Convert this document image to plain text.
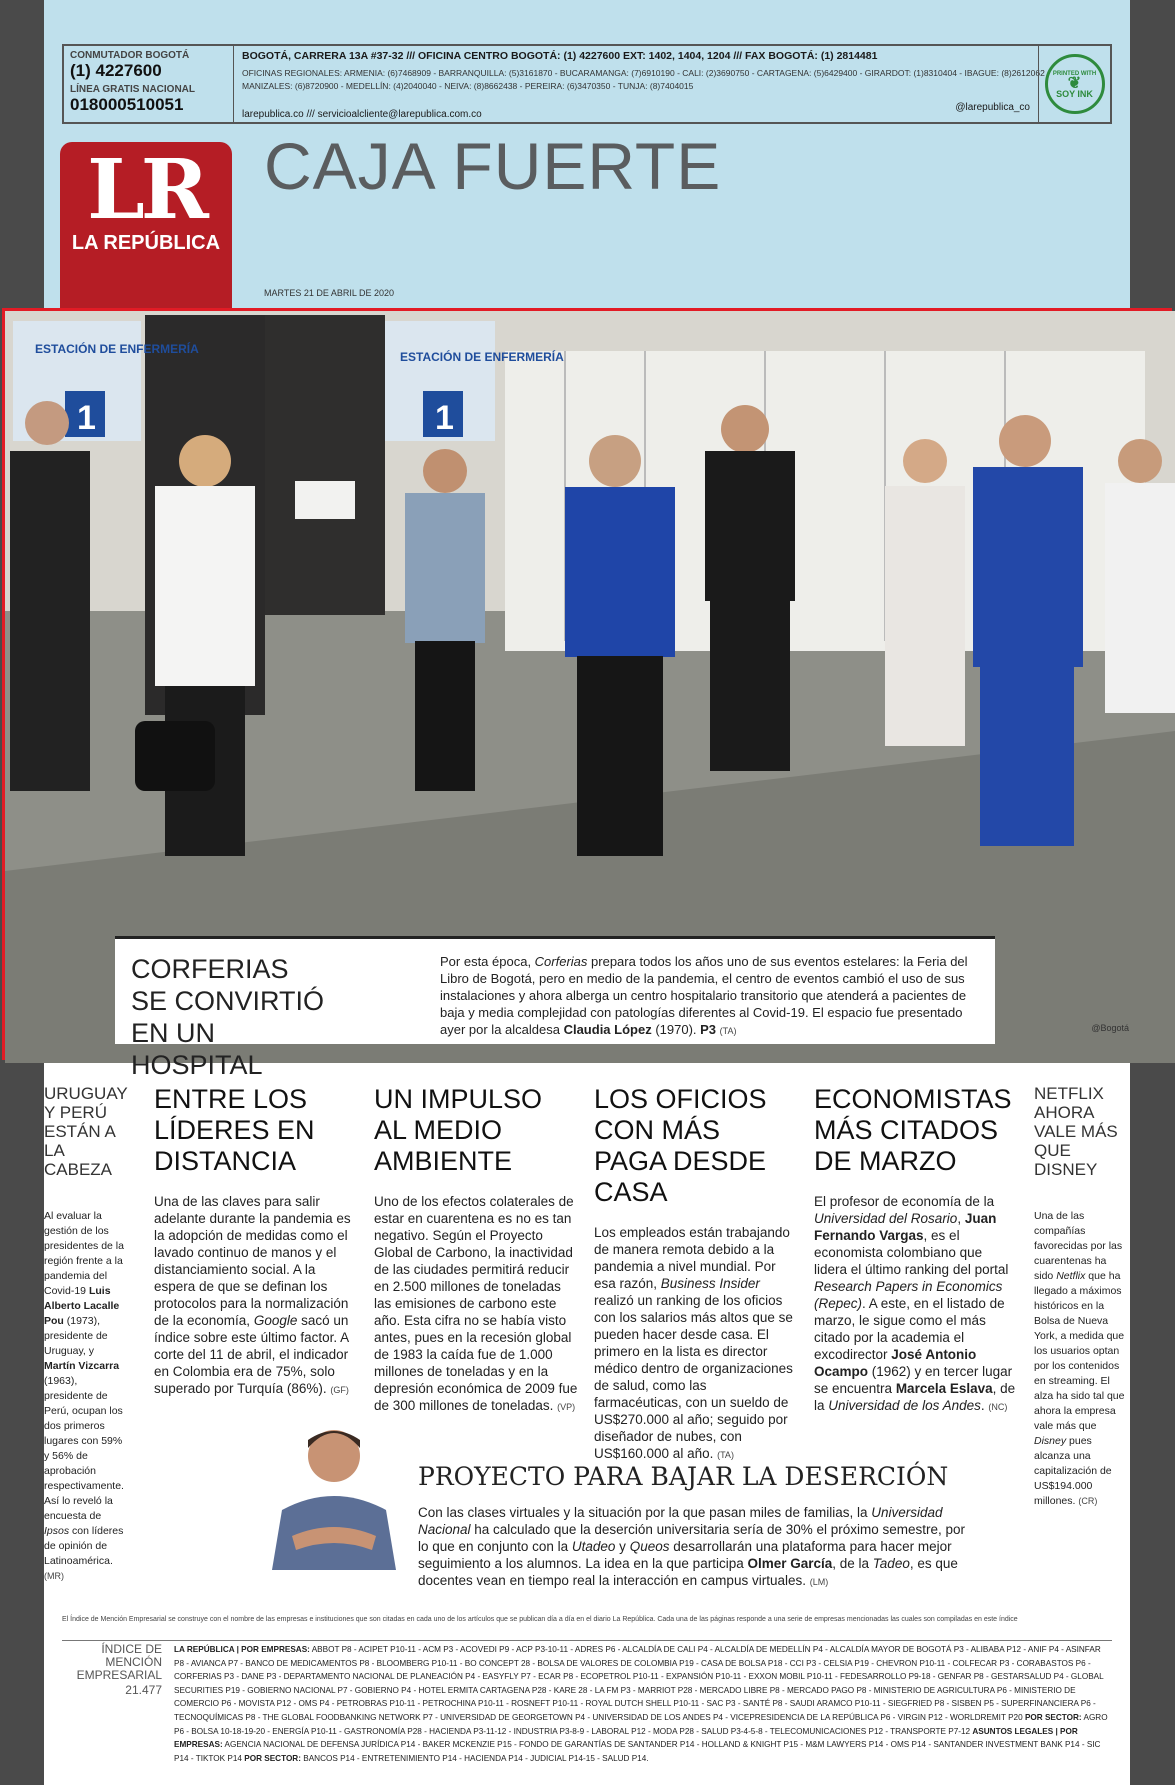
CONMUTADOR BOGOTÁ
(1) 4227600
LÍNEA GRATIS NACIONAL
018000510051
BOGOTÁ, CARRERA 13A #37-32 /// OFICINA CENTRO BOGOTÁ: (1) 4227600 EXT: 1402, 1404, 1204 /// FAX BOGOTÁ: (1) 2814481
OFICINAS REGIONALES: ARMENIA: (6)7468909 - BARRANQUILLA: (5)3161870 - BUCARAMANGA: (7)6910190 - CALI: (2)3690750 - CARTAGENA: (5)6429400 - GIRARDOT: (1)8310404 - IBAGUE: (8)2612062
MANIZALES: (6)8720900 - MEDELLÍN: (4)2040040 - NEIVA: (8)8662438 - PEREIRA: (6)3470350 - TUNJA: (8)7404015
larepublica.co /// servicioalcliente@larepublica.com.co
@larepublica_co
PRINTED WITH
❦
SOY INK
LR
LA REPÚBLICA
CAJA FUERTE
MARTES 21 DE ABRIL DE 2020
ESTACIÓN DE ENFERMERÍA
ESTACIÓN DE ENFERMERÍA
1	1
CORFERIAS SE CONVIRTIÓ EN UN HOSPITAL
Por esta época, Corferias prepara todos los años uno de sus eventos estelares: la Feria del Libro de Bogotá, pero en medio de la pandemia, el centro de eventos cambió el uso de sus instalaciones y ahora alberga un centro hospitalario transitorio que atenderá a pacientes de baja y media complejidad con patologías diferentes al Covid-19. El espacio fue presentado ayer por la alcaldesa Claudia López (1970). P3 (TA)	@Bogotá
URUGUAY Y PERÚ ESTÁN A LA CABEZA
Al evaluar la gestión de los presidentes de la región frente a la pandemia del Covid-19 Luis Alberto Lacalle Pou (1973), presidente de Uruguay, y Martín Vizcarra (1963), presidente de Perú, ocupan los dos primeros lugares con 59% y 56% de aprobación respectivamente. Así lo reveló la encuesta de Ipsos con líderes de opinión de Latinoamérica. (MR)
ENTRE LOS LÍDERES EN DISTANCIA
Una de las claves para salir adelante durante la pandemia es la adopción de medidas como el lavado continuo de manos y el distanciamiento social. A la espera de que se definan los protocolos para la normalización de la economía, Google sacó un índice sobre este último factor. A corte del 11 de abril, el indicador en Colombia era de 75%, solo superado por Turquía (86%). (GF)
UN IMPULSO AL MEDIO AMBIENTE
Uno de los efectos colaterales de estar en cuarentena es no es tan negativo. Según el Proyecto Global de Carbono, la inactividad de las ciudades permitirá reducir en 2.500 millones de toneladas las emisiones de carbono este año. Esta cifra no se había visto antes, pues en la recesión global de 1983 la caída fue de 1.000 millones de toneladas y en la depresión económica de 2009 fue de 300 millones de toneladas. (VP)
LOS OFICIOS CON MÁS PAGA DESDE CASA
Los empleados están trabajando de manera remota debido a la pandemia a nivel mundial. Por esa razón, Business Insider realizó un ranking de los oficios con los salarios más altos que se pueden hacer desde casa. El primero en la lista es director médico dentro de organizaciones de salud, como las farmacéuticas, con un sueldo de US$270.000 al año; seguido por diseñador de nubes, con US$160.000 al año. (TA)
ECONOMISTAS MÁS CITADOS DE MARZO
El profesor de economía de la Universidad del Rosario, Juan Fernando Vargas, es el economista colombiano que lidera el último ranking del portal Research Papers in Economics (Repec). A este, en el listado de marzo, le sigue como el más citado por la academia el excodirector José Antonio Ocampo (1962) y en tercer lugar se encuentra Marcela Eslava, de la Universidad de los Andes. (NC)
NETFLIX AHORA VALE MÁS QUE DISNEY
Una de las compañías favorecidas por las cuarentenas ha sido Netflix que ha llegado a máximos históricos en la Bolsa de Nueva York, a medida que los usuarios optan por los contenidos en streaming. El alza ha sido tal que ahora la empresa vale más que Disney pues alcanza una capitalización de US$194.000 millones. (CR)
PROYECTO PARA BAJAR LA DESERCIÓN
Con las clases virtuales y la situación por la que pasan miles de familias, la Universidad Nacional ha calculado que la deserción universitaria sería de 30% el próximo semestre, por lo que en conjunto con la Utadeo y Queos desarrollarán una plataforma para hacer mejor seguimiento a los alumnos. La idea en la que participa Olmer García, de la Tadeo, es que docentes vean en tiempo real la interacción en campus virtuales. (LM)
El Índice de Mención Empresarial se construye con el nombre de las empresas e instituciones que son citadas en cada uno de los artículos que se publican día a día en el diario La República. Cada una de las páginas responde a una serie de empresas mencionadas las cuales son compiladas en este índice
ÍNDICE DE MENCIÓN EMPRESARIAL
21.477
LA REPÚBLICA | POR EMPRESAS: ABBOT P8 - ACIPET P10-11 - ACM P3 - ACOVEDI P9 - ACP P3-10-11 - ADRES P6 - ALCALDÍA DE CALI P4 - ALCALDÍA DE MEDELLÍN P4 - ALCALDÍA MAYOR DE BOGOTÁ P3 - ALIBABA P12 - ANIF P4 - ASINFAR P8 - AVIANCA P7 - BANCO DE MEDICAMENTOS P8 - BLOOMBERG P10-11 - BO CONCEPT 28 - BOLSA DE VALORES DE COLOMBIA P19 - CASA DE BOLSA P18 - CCI P3 - CELSIA P19 - CHEVRON P10-11 - COLFECAR P3 - CORABASTOS P6 - CORFERIAS P3 - DANE P3 - DEPARTAMENTO NACIONAL DE PLANEACIÓN P4 - EASYFLY P7 - ECAR P8 - ECOPETROL P10-11 - EXPANSIÓN P10-11 - EXXON MOBIL P10-11 - FEDESARROLLO P9-18 - GENFAR P8 - GESTARSALUD P4 - GLOBAL SECURITIES P19 - GOBIERNO NACIONAL P7 - GOBIERNO P4 - HOTEL ERMITA CARTAGENA P28 - KARE 28 - LA FM P3 - MARRIOT P28 - MERCADO LIBRE P8 - MERCADO PAGO P8 - MINISTERIO DE AGRICULTURA P6 - MINISTERIO DE COMERCIO P6 - MOVISTA P12 - OMS P4 - PETROBRAS P10-11 - PETROCHINA P10-11 - ROSNEFT P10-11 - ROYAL DUTCH SHELL P10-11 - SAC P3 - SANTÉ P8 - SAUDI ARAMCO P10-11 - SIEGFRIED P8 - SISBEN P5 - SUPERFINANCIERA P6 - TECNOQUÍMICAS P8 - THE GLOBAL FOODBANKING NETWORK P7 - UNIVERSIDAD DE GEORGETOWN P4 - UNIVERSIDAD DE LOS ANDES P4 - VICEPRESIDENCIA DE LA REPÚBLICA P6 - VIRGIN P12 - WORLDREMIT P20 POR SECTOR: AGRO P6 - BOLSA 10-18-19-20 - ENERGÍA P10-11 - GASTRONOMÍA P28 - HACIENDA P3-11-12 - INDUSTRIA P3-8-9 - LABORAL P12 - MODA P28 - SALUD P3-4-5-8 - TELECOMUNICACIONES P12 - TRANSPORTE P7-12 ASUNTOS LEGALES | POR EMPRESAS: AGENCIA NACIONAL DE DEFENSA JURÍDICA P14 - BAKER MCKENZIE P15 - FONDO DE GARANTÍAS DE SANTANDER P14 - HOLLAND & KNIGHT P15 - M&M LAWYERS P14 - OMS P14 - SANTANDER INVESTMENT BANK P14 - SIC P14 - TIKTOK P14 POR SECTOR: BANCOS P14 - ENTRETENIMIENTO P14 - HACIENDA P14 - JUDICIAL P14-15 - SALUD P14.
